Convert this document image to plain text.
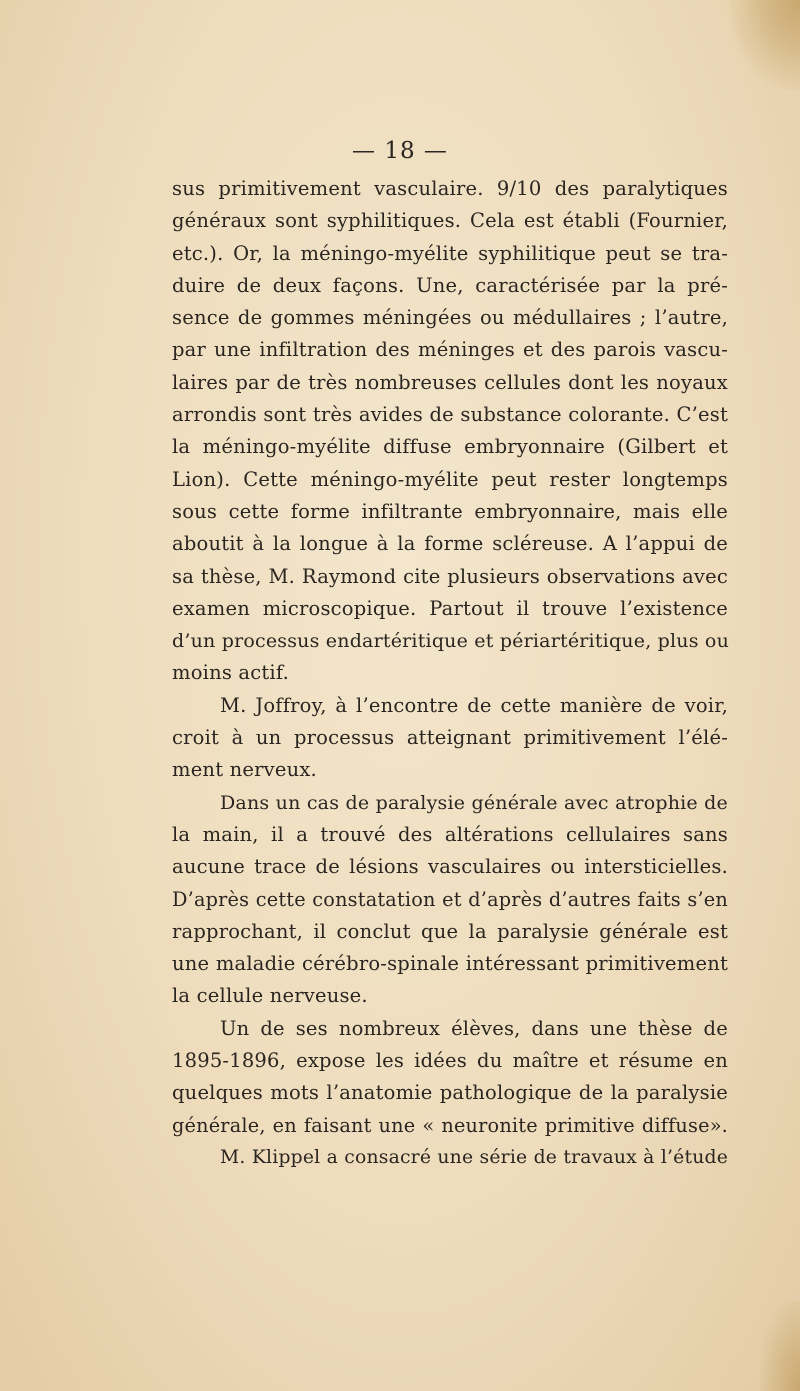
— 18 —
sus primitivement vasculaire. 9/10 des paralytiques
généraux sont syphilitiques. Cela est établi (Fournier,
etc.). Or, la méningo-myélite syphilitique peut se tra-
duire de deux façons. Une, caractérisée par la pré-
sence de gommes méningées ou médullaires ; l’autre,
par une infiltration des méninges et des parois vascu-
laires par de très nombreuses cellules dont les noyaux
arrondis sont très avides de substance colorante. C’est
la méningo-myélite diffuse embryonnaire (Gilbert et
Lion). Cette méningo-myélite peut rester longtemps
sous cette forme infiltrante embryonnaire, mais elle
aboutit à la longue à la forme scléreuse. A l’appui de
sa thèse, M. Raymond cite plusieurs observations avec
examen microscopique. Partout il trouve l’existence
d’un processus endartéritique et périartéritique, plus ou
moins actif.
M. Joffroy, à l’encontre de cette manière de voir,
croit à un processus atteignant primitivement l’élé-
ment nerveux.
Dans un cas de paralysie générale avec atrophie de
la main, il a trouvé des altérations cellulaires sans
aucune trace de lésions vasculaires ou intersticielles.
D’après cette constatation et d’après d’autres faits s’en
rapprochant, il conclut que la paralysie générale est
une maladie cérébro-spinale intéressant primitivement
la cellule nerveuse.
Un de ses nombreux élèves, dans une thèse de
1895-1896, expose les idées du maître et résume en
quelques mots l’anatomie pathologique de la paralysie
générale, en faisant une « neuronite primitive diffuse».
M. Klippel a consacré une série de travaux à l’étude
